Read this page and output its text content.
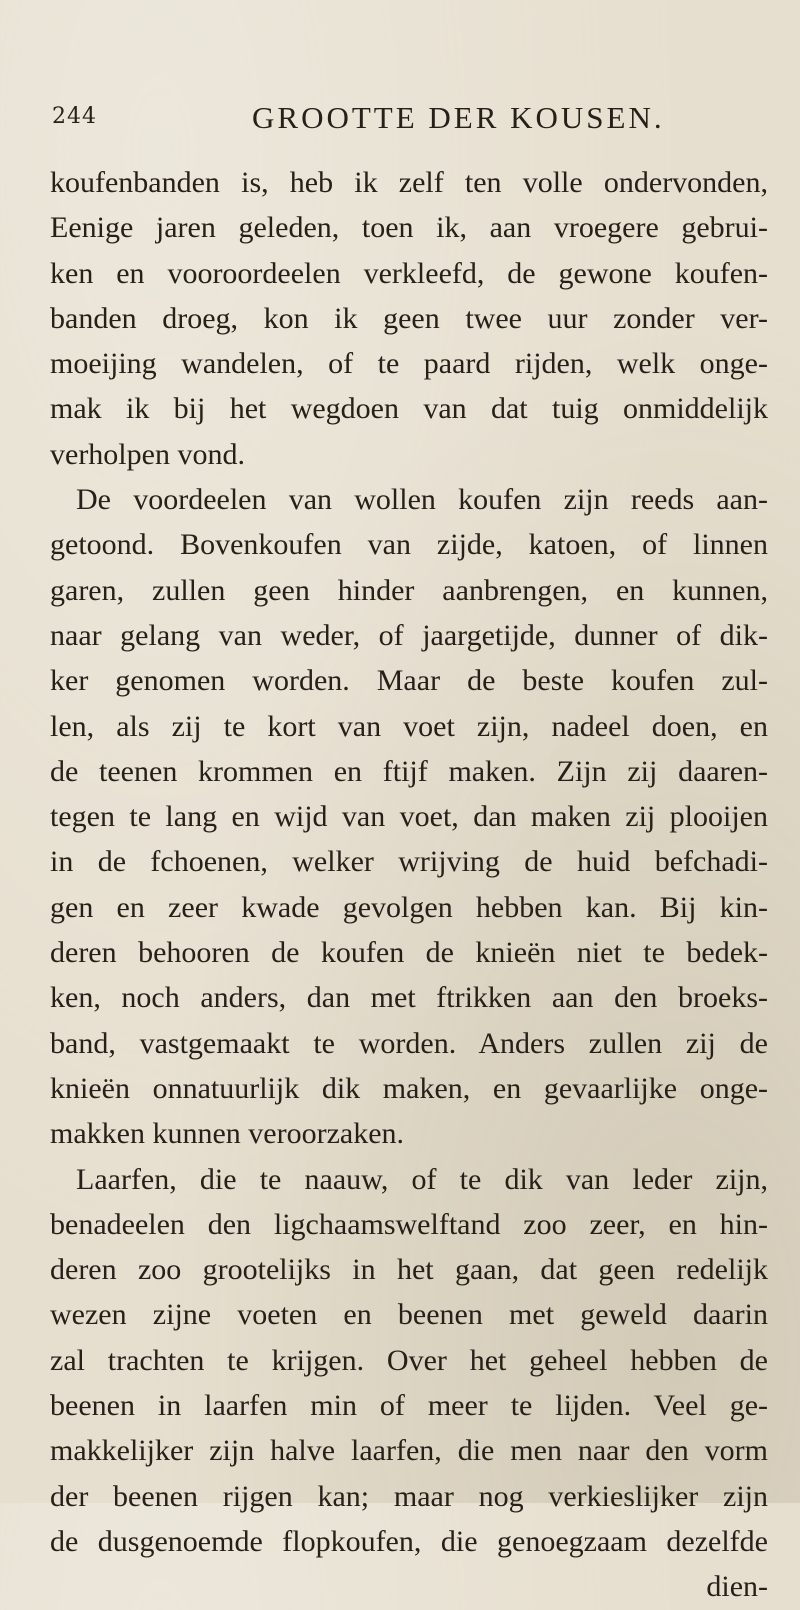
244	GROOTTE DER KOUSEN.
koufenbanden is, heb ik zelf ten volle ondervonden,
Eenige jaren geleden, toen ik, aan vroegere gebrui-
ken en vooroordeelen verkleefd, de gewone koufen-
banden droeg, kon ik geen twee uur zonder ver-
moeijing wandelen, of te paard rijden, welk onge-
mak ik bij het wegdoen van dat tuig onmiddelijk
verholpen vond.
De voordeelen van wollen koufen zijn reeds aan-
getoond. Bovenkoufen van zijde, katoen, of linnen
garen, zullen geen hinder aanbrengen, en kunnen,
naar gelang van weder, of jaargetijde, dunner of dik-
ker genomen worden. Maar de beste koufen zul-
len, als zij te kort van voet zijn, nadeel doen, en
de teenen krommen en ftijf maken. Zijn zij daaren-
tegen te lang en wijd van voet, dan maken zij plooijen
in de fchoenen, welker wrijving de huid befchadi-
gen en zeer kwade gevolgen hebben kan. Bij kin-
deren behooren de koufen de knieën niet te bedek-
ken, noch anders, dan met ftrikken aan den broeks-
band, vastgemaakt te worden. Anders zullen zij de
knieën onnatuurlijk dik maken, en gevaarlijke onge-
makken kunnen veroorzaken.
Laarfen, die te naauw, of te dik van leder zijn,
benadeelen den ligchaamswelftand zoo zeer, en hin-
deren zoo grootelijks in het gaan, dat geen redelijk
wezen zijne voeten en beenen met geweld daarin
zal trachten te krijgen. Over het geheel hebben de
beenen in laarfen min of meer te lijden. Veel ge-
makkelijker zijn halve laarfen, die men naar den vorm
der beenen rijgen kan; maar nog verkieslijker zijn
de dusgenoemde flopkoufen, die genoegzaam dezelfde
dien-
